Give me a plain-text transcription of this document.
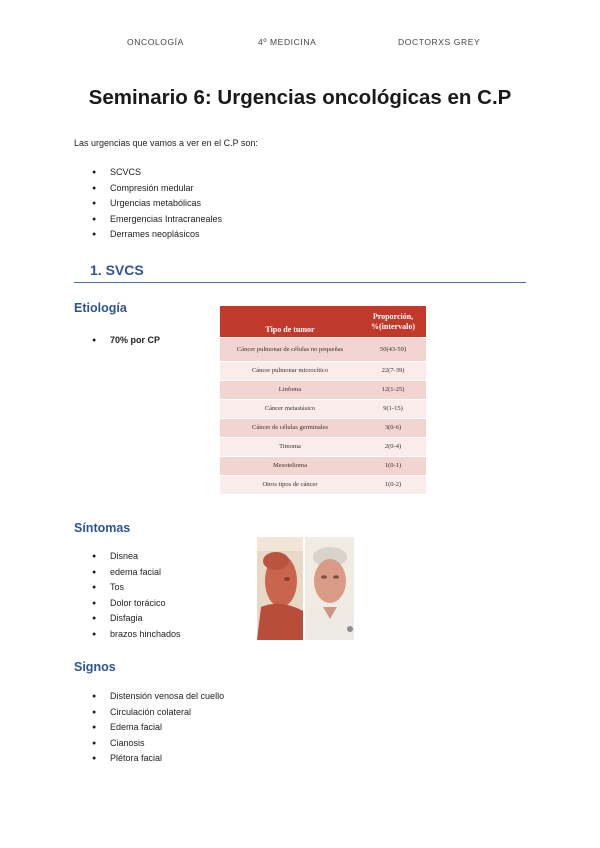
ONCOLOGÍA	4º MEDICINA	DOCTORXS GREY
Seminario 6: Urgencias oncológicas en C.P

Las urgencias que vamos a ver en el C.P son:

● SCVCS
● Compresión medular
● Urgencias metabólicas
● Emergencias Intracraneales
● Derrames neoplásicos
1. SVCS
Etiología
● 70% por CP
Tipo de tumor	Proporción,
%(intervalo)
Cáncer pulmonar de células no pequeñas	50(43-59)
Cáncer pulmonar microcítico	22(7-39)
Linfoma	12(1-25)
Cáncer metastásico	9(1-15)
Cáncer de células germinales	3(0-6)
Timoma	2(0-4)
Mesotelioma	1(0-1)
Otros tipos de cáncer	1(0-2)
Síntomas
● Disnea
● edema facial
● Tos
● Dolor torácico
● Disfagia
● brazos hinchados
Signos
● Distensión venosa del cuello
● Circulación colateral
● Edema facial
● Cianosis
● Plétora facial
